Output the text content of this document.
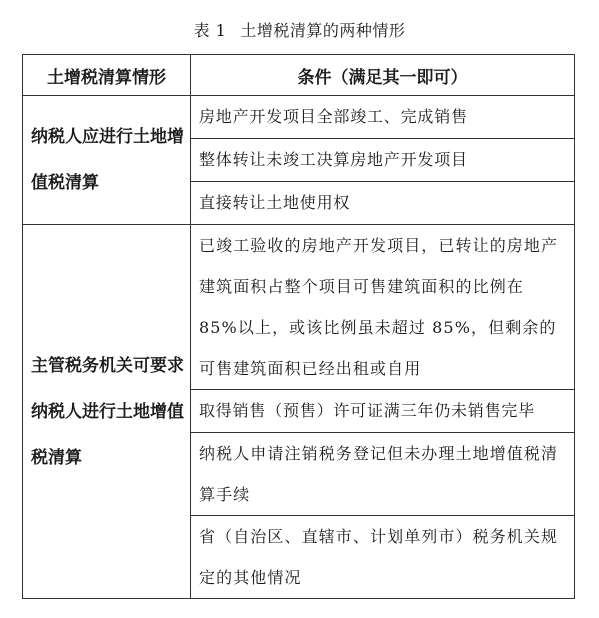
表 1 土增税清算的两种情形
土增税清算情形	条件（满足其一即可）
纳税人应进行土地增值税清算	房地产开发项目全部竣工、完成销售
	整体转让未竣工决算房地产开发项目
	直接转让土地使用权
主管税务机关可要求纳税人进行土地增值税清算	已竣工验收的房地产开发项目，已转让的房地产建筑面积占整个项目可售建筑面积的比例在 85%以上，或该比例虽未超过 85%，但剩余的可售建筑面积已经出租或自用
	取得销售（预售）许可证满三年仍未销售完毕
	纳税人申请注销税务登记但未办理土地增值税清算手续
	省（自治区、直辖市、计划单列市）税务机关规定的其他情况
